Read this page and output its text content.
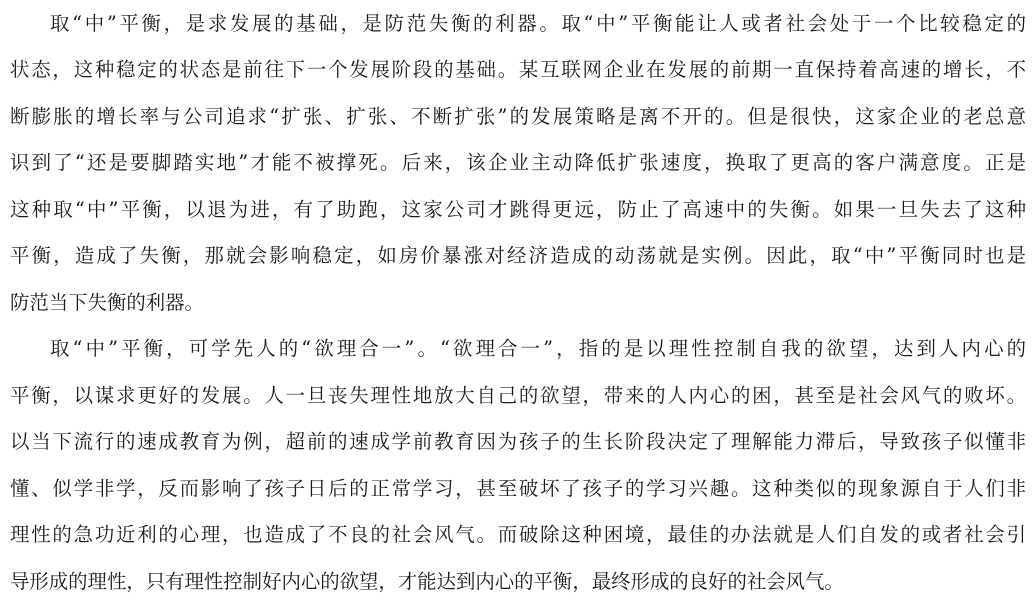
取“中”平衡，是求发展的基础，是防范失衡的利器。取“中”平衡能让人或者社会处于一个比较稳定的
状态，这种稳定的状态是前往下一个发展阶段的基础。某互联网企业在发展的前期一直保持着高速的增长，不
断膨胀的增长率与公司追求“扩张、扩张、不断扩张”的发展策略是离不开的。但是很快，这家企业的老总意
识到了“还是要脚踏实地”才能不被撑死。后来，该企业主动降低扩张速度，换取了更高的客户满意度。正是
这种取“中”平衡，以退为进，有了助跑，这家公司才跳得更远，防止了高速中的失衡。如果一旦失去了这种
平衡，造成了失衡，那就会影响稳定，如房价暴涨对经济造成的动荡就是实例。因此，取“中”平衡同时也是
防范当下失衡的利器。
取“中”平衡，可学先人的“欲理合一”。“欲理合一”，指的是以理性控制自我的欲望，达到人内心的
平衡，以谋求更好的发展。人一旦丧失理性地放大自己的欲望，带来的人内心的困，甚至是社会风气的败坏。
以当下流行的速成教育为例，超前的速成学前教育因为孩子的生长阶段决定了理解能力滞后，导致孩子似懂非
懂、似学非学，反而影响了孩子日后的正常学习，甚至破坏了孩子的学习兴趣。这种类似的现象源自于人们非
理性的急功近利的心理，也造成了不良的社会风气。而破除这种困境，最佳的办法就是人们自发的或者社会引
导形成的理性，只有理性控制好内心的欲望，才能达到内心的平衡，最终形成的良好的社会风气。
